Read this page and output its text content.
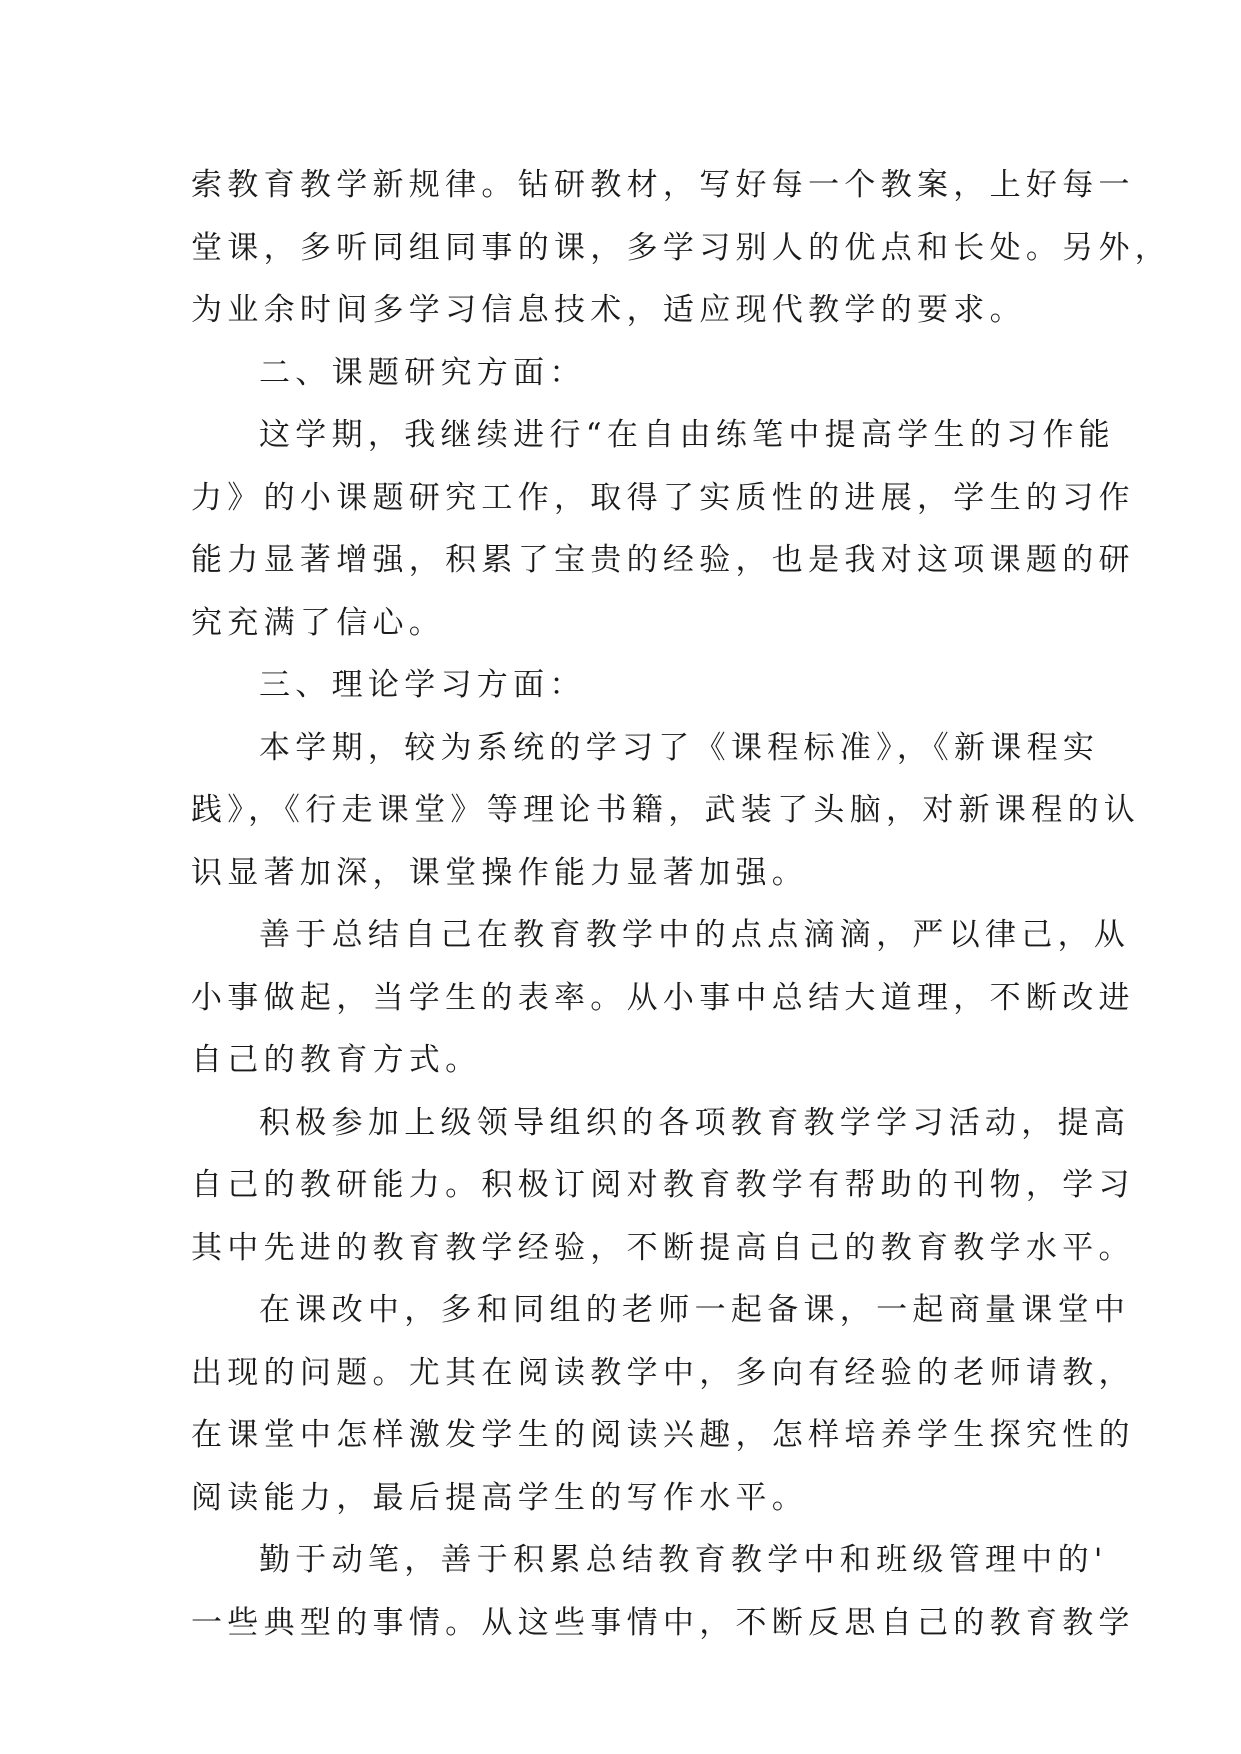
索教育教学新规律。钻研教材，写好每一个教案，上好每一
堂课，多听同组同事的课，多学习别人的优点和长处。另外，
为业余时间多学习信息技术，适应现代教学的要求。
二、课题研究方面：
这学期，我继续进行“在自由练笔中提高学生的习作能
力》的小课题研究工作，取得了实质性的进展，学生的习作
能力显著增强，积累了宝贵的经验，也是我对这项课题的研
究充满了信心。
三、理论学习方面：
本学期，较为系统的学习了《课程标准》，《新课程实
践》，《行走课堂》等理论书籍，武装了头脑，对新课程的认
识显著加深，课堂操作能力显著加强。
善于总结自己在教育教学中的点点滴滴，严以律己，从
小事做起，当学生的表率。从小事中总结大道理，不断改进
自己的教育方式。
积极参加上级领导组织的各项教育教学学习活动，提高
自己的教研能力。积极订阅对教育教学有帮助的刊物，学习
其中先进的教育教学经验，不断提高自己的教育教学水平。
在课改中，多和同组的老师一起备课，一起商量课堂中
出现的问题。尤其在阅读教学中，多向有经验的老师请教，
在课堂中怎样激发学生的阅读兴趣，怎样培养学生探究性的
阅读能力，最后提高学生的写作水平。
勤于动笔，善于积累总结教育教学中和班级管理中的'
一些典型的事情。从这些事情中，不断反思自己的教育教学
